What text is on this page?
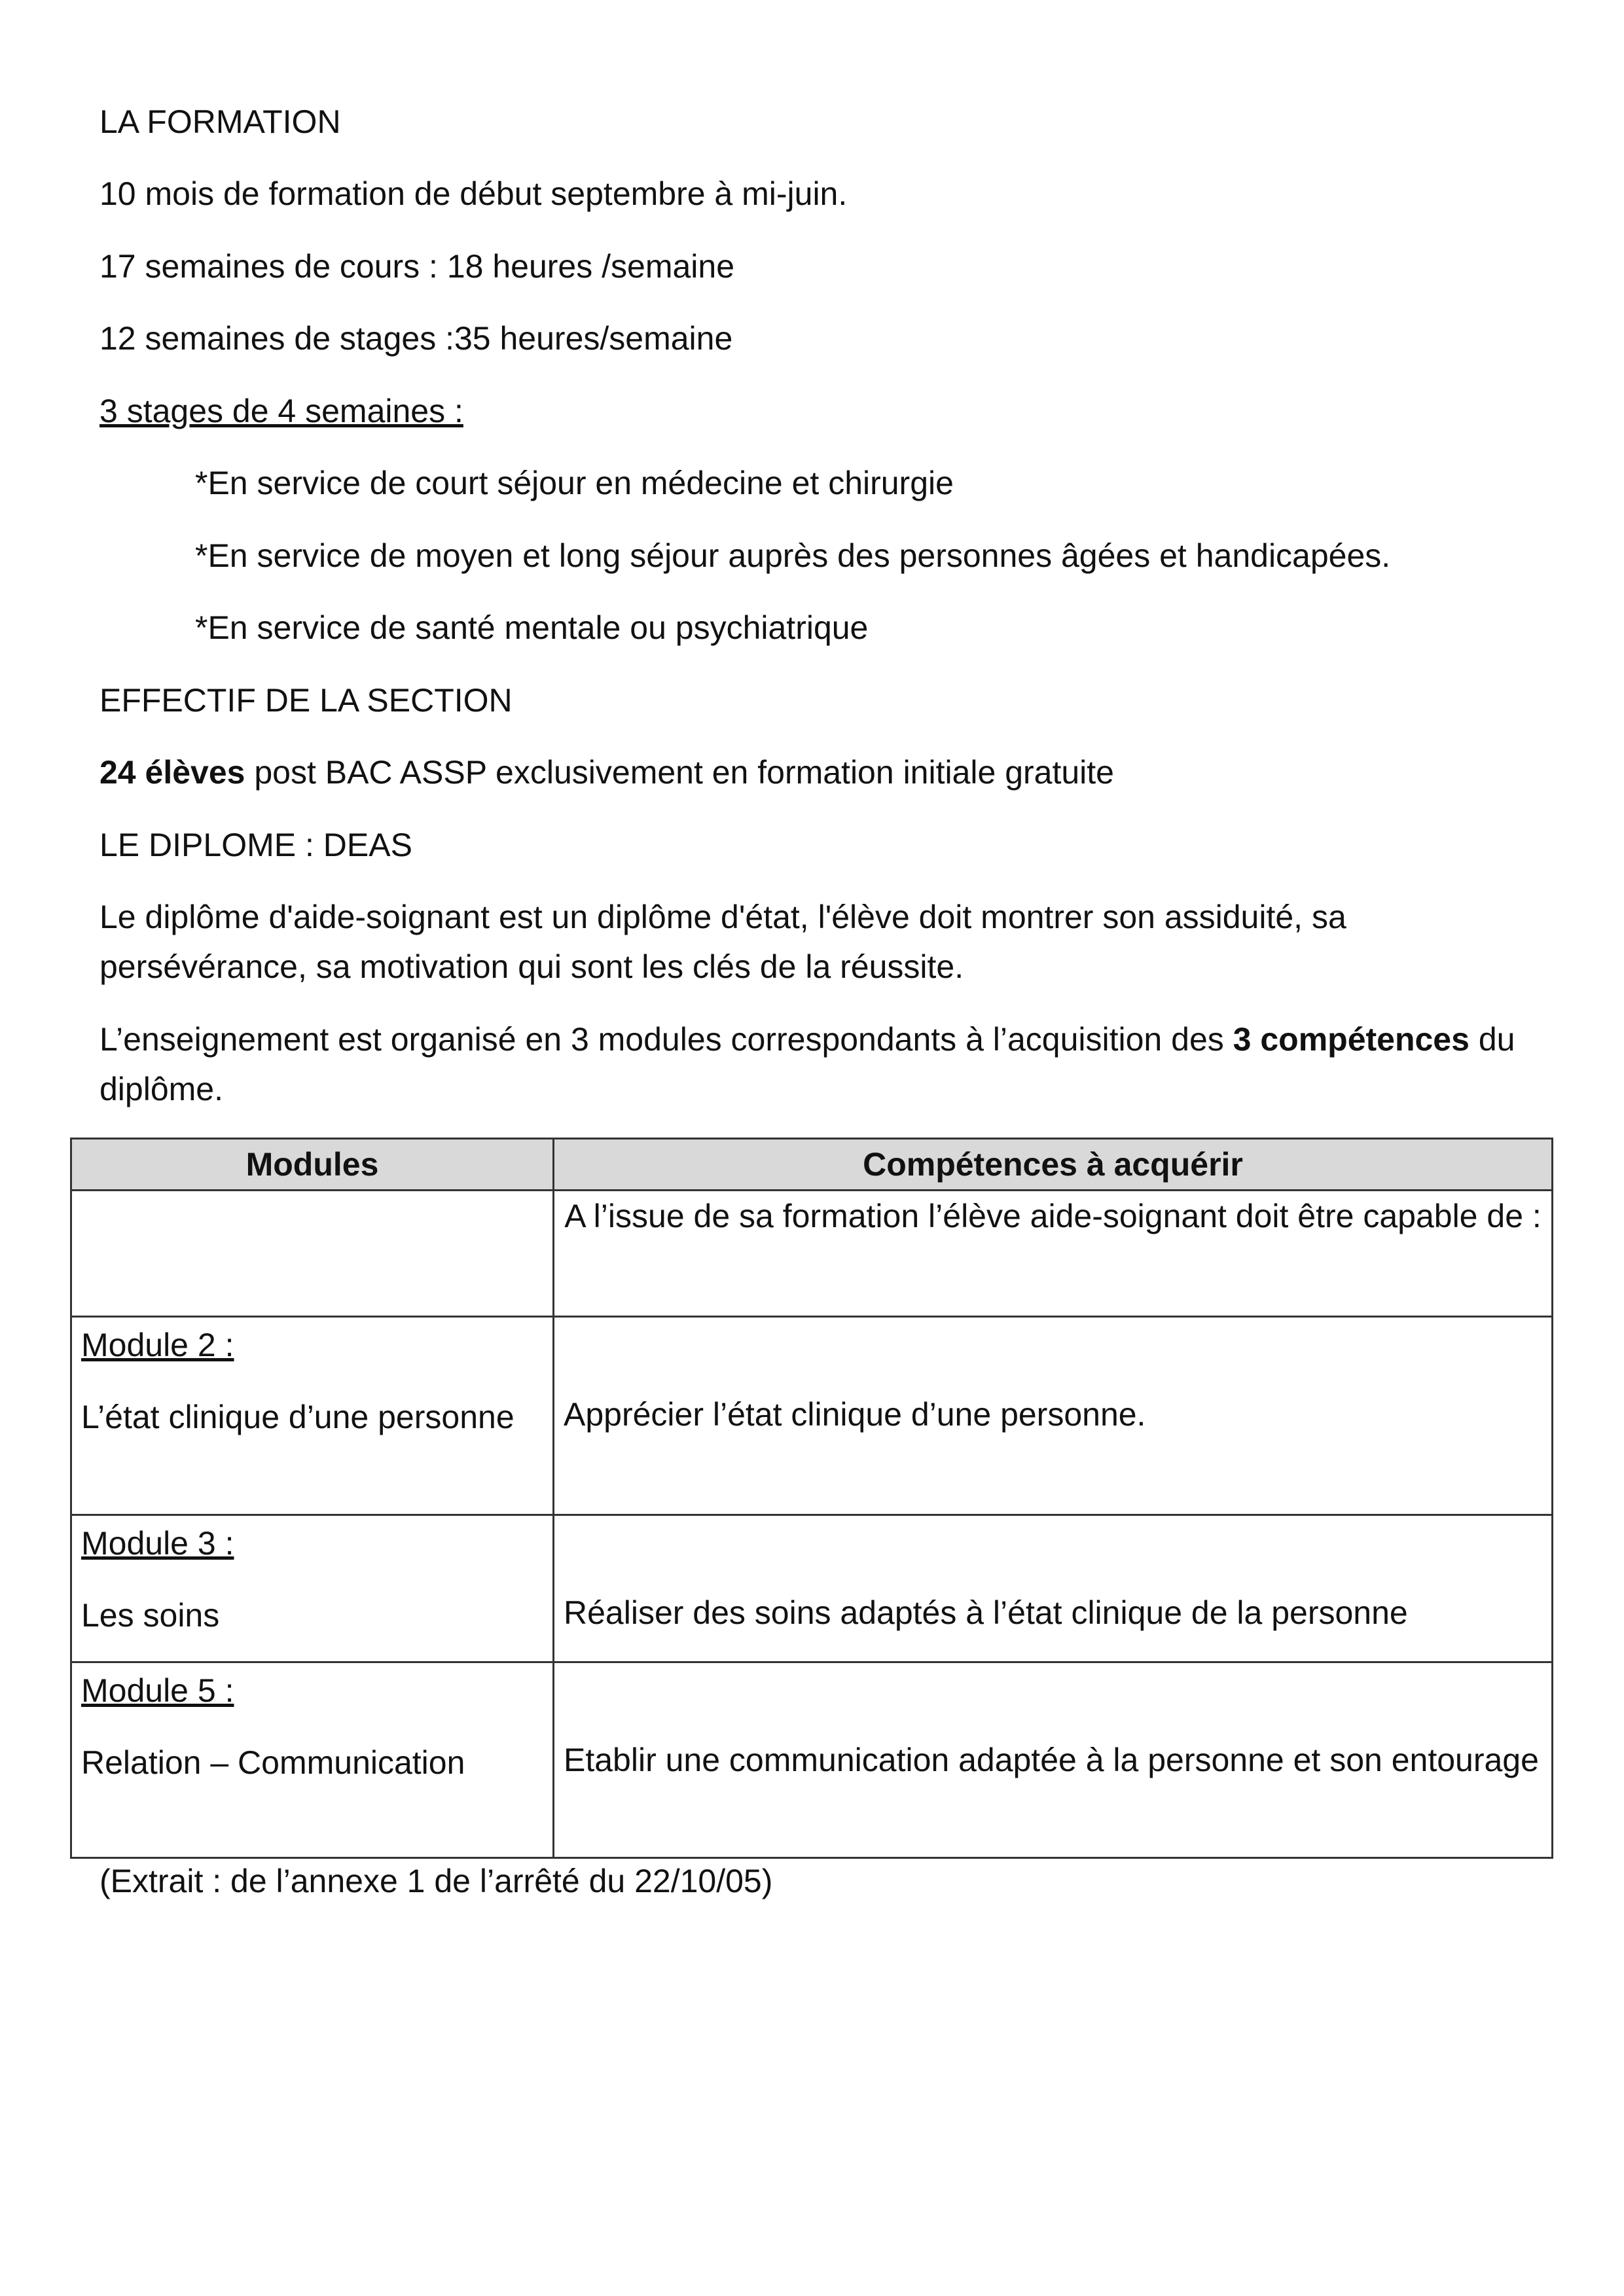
LA FORMATION

10 mois de formation de début septembre à mi-juin.

17 semaines de cours : 18 heures /semaine

12 semaines de stages :35 heures/semaine

3 stages de 4 semaines :

*En service de court séjour en médecine et chirurgie

*En service de moyen et long séjour auprès des personnes âgées et handicapées.

*En service de santé mentale ou psychiatrique

EFFECTIF DE LA SECTION

24 élèves post BAC ASSP exclusivement en formation initiale gratuite

LE DIPLOME : DEAS

Le diplôme d'aide-soignant est un diplôme d'état, l'élève doit montrer son assiduité, sa persévérance, sa motivation qui sont les clés de la réussite.

L’enseignement est organisé en 3 modules correspondants à l’acquisition des 3 compétences du diplôme.

Modules	Compétences à acquérir
	A l’issue de sa formation l’élève aide-soignant doit être capable de :

Module 2 :
L’état clinique d’une personne	Apprécier l’état clinique d’une personne.

Module 3 :
Les soins	Réaliser des soins adaptés à l’état clinique de la personne

Module 5 :
Relation – Communication	Etablir une communication adaptée à la personne et son entourage

(Extrait : de l’annexe 1 de l’arrêté du 22/10/05)
